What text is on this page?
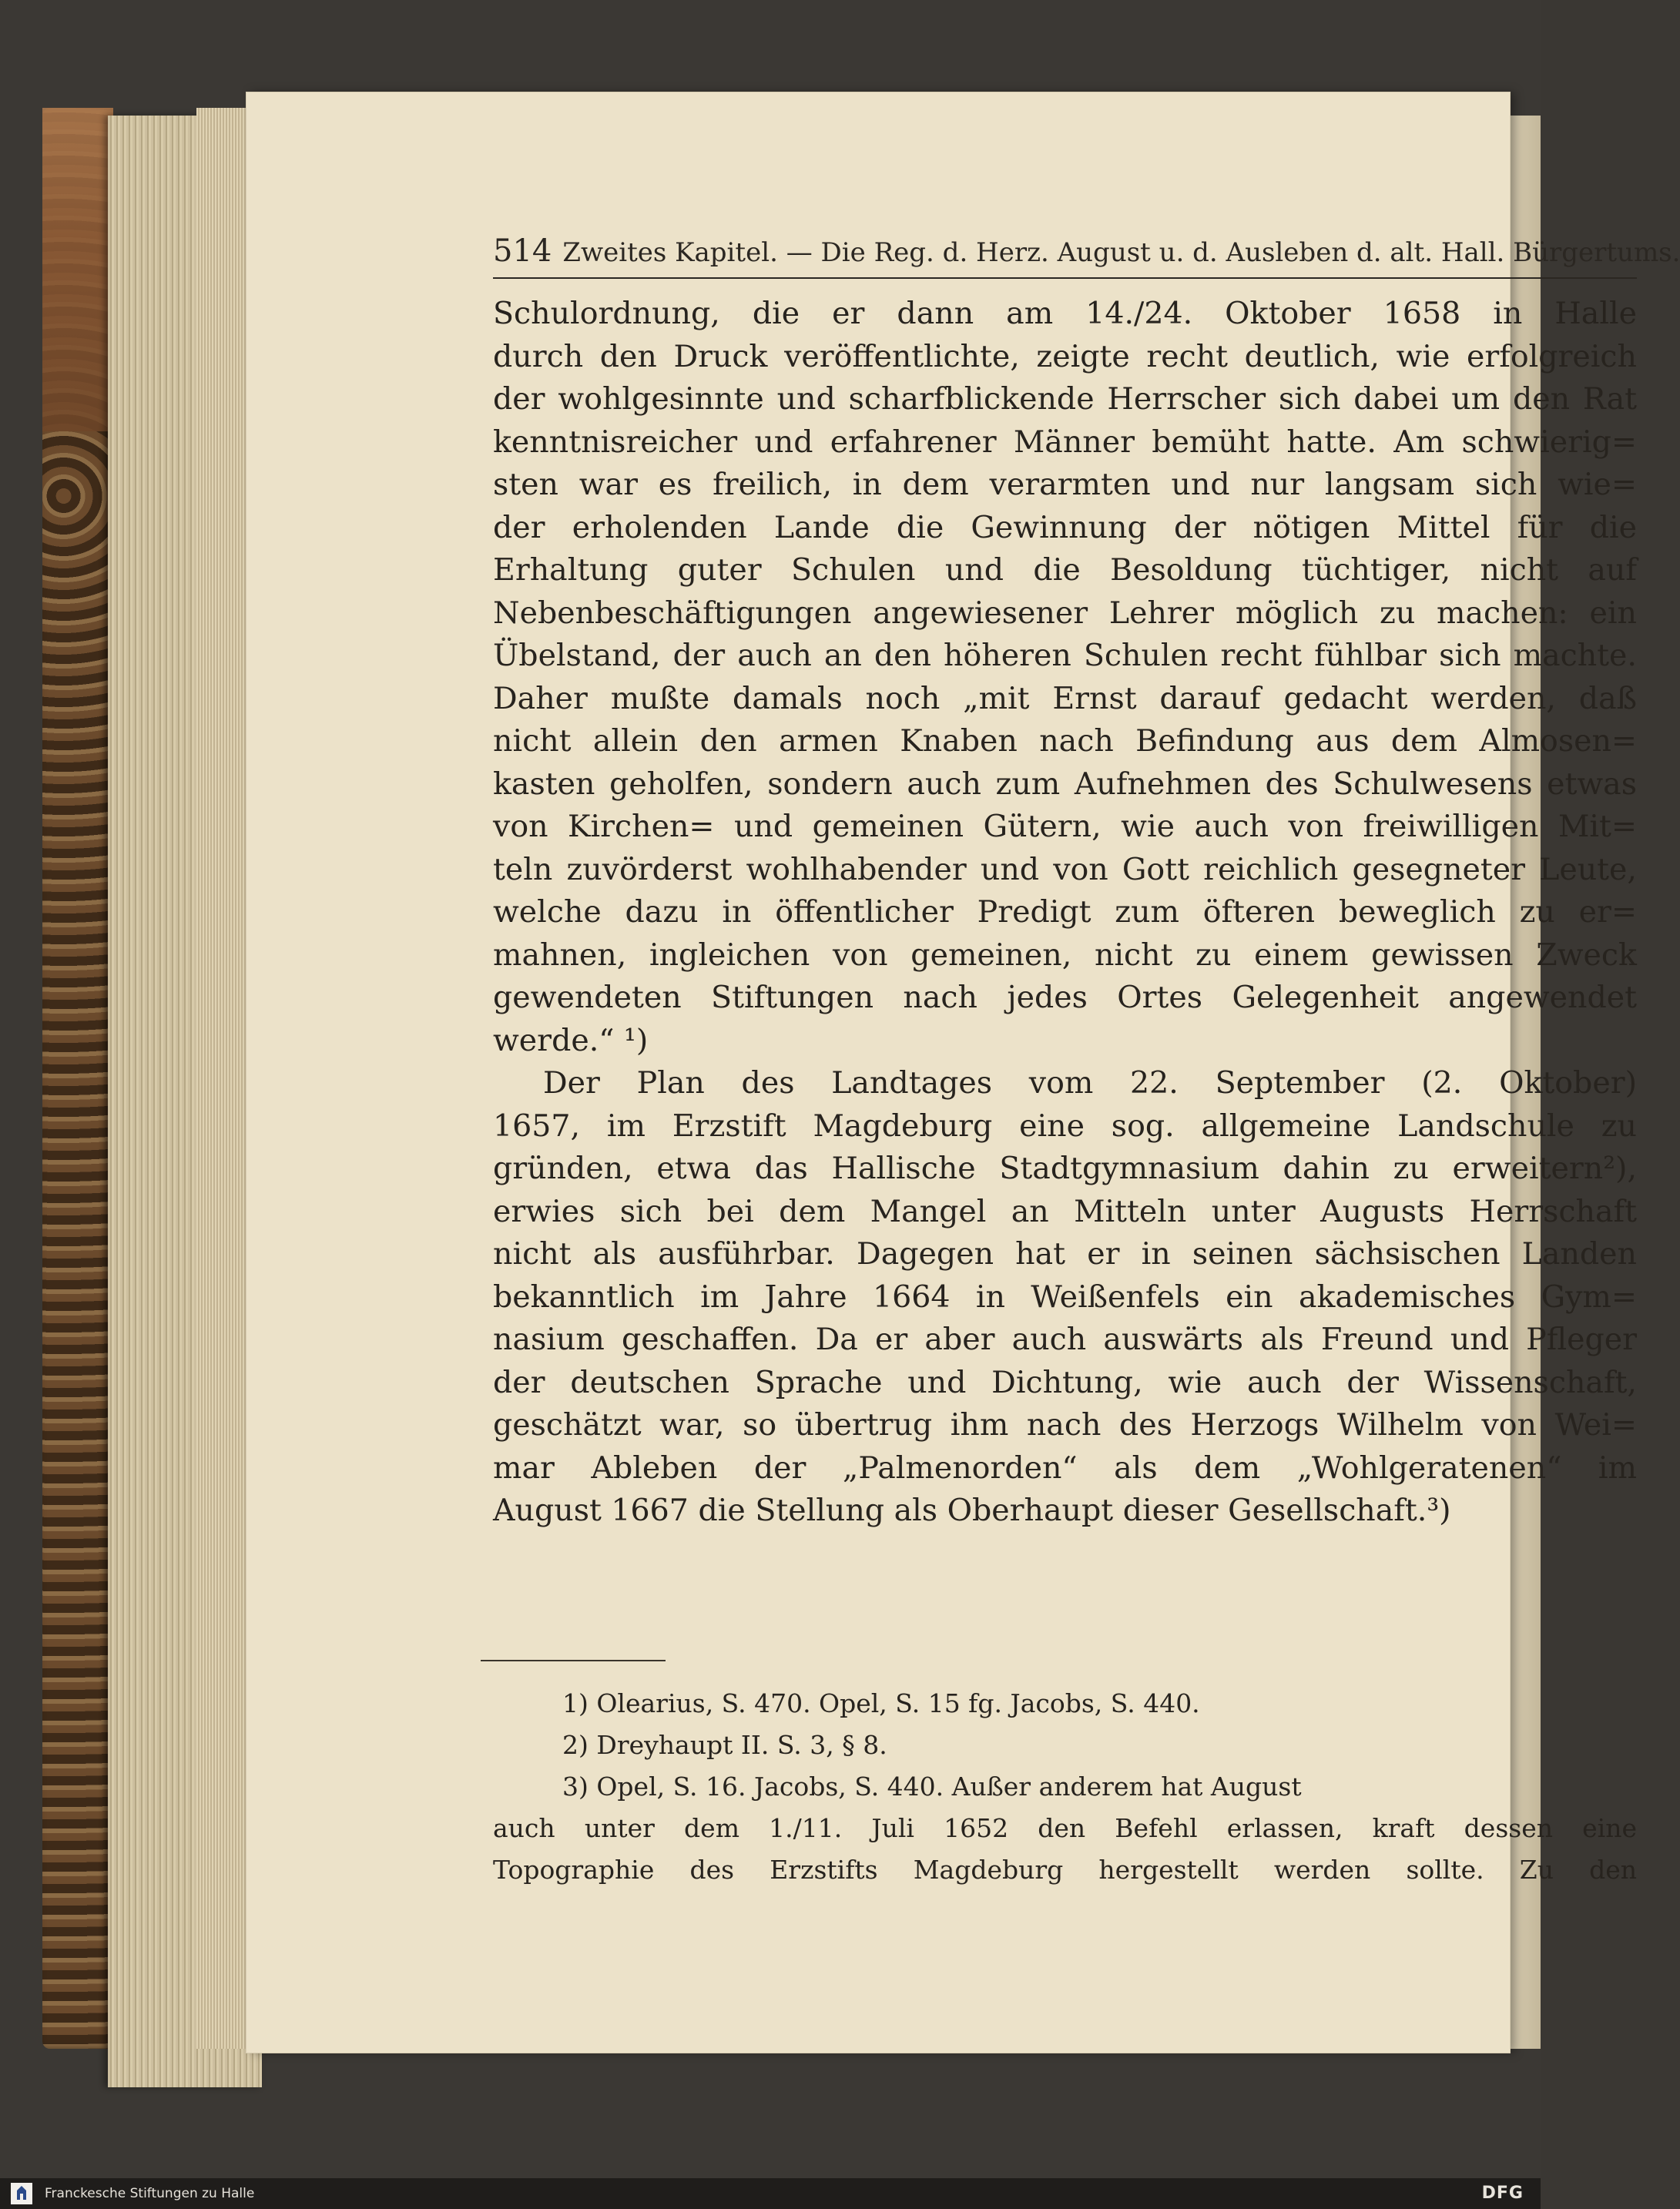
514 Zweites Kapitel. — Die Reg. d. Herz. August u. d. Ausleben d. alt. Hall. Bürgertums.

Schulordnung, die er dann am 14./24. Oktober 1658 in Halle
durch den Druck veröffentlichte, zeigte recht deutlich, wie erfolgreich
der wohlgesinnte und scharfblickende Herrscher sich dabei um den Rat
kenntnisreicher und erfahrener Männer bemüht hatte. Am schwierig=
sten war es freilich, in dem verarmten und nur langsam sich wie=
der erholenden Lande die Gewinnung der nötigen Mittel für die
Erhaltung guter Schulen und die Besoldung tüchtiger, nicht auf
Nebenbeschäftigungen angewiesener Lehrer möglich zu machen: ein
Übelstand, der auch an den höheren Schulen recht fühlbar sich machte.
Daher mußte damals noch „mit Ernst darauf gedacht werden, daß
nicht allein den armen Knaben nach Befindung aus dem Almosen=
kasten geholfen, sondern auch zum Aufnehmen des Schulwesens etwas
von Kirchen= und gemeinen Gütern, wie auch von freiwilligen Mit=
teln zuvörderst wohlhabender und von Gott reichlich gesegneter Leute,
welche dazu in öffentlicher Predigt zum öfteren beweglich zu er=
mahnen, ingleichen von gemeinen, nicht zu einem gewissen Zweck
gewendeten Stiftungen nach jedes Ortes Gelegenheit angewendet
werde.“ ¹)

Der Plan des Landtages vom 22. September (2. Oktober)
1657, im Erzstift Magdeburg eine sog. allgemeine Landschule zu
gründen, etwa das Hallische Stadtgymnasium dahin zu erweitern²),
erwies sich bei dem Mangel an Mitteln unter Augusts Herrschaft
nicht als ausführbar. Dagegen hat er in seinen sächsischen Landen
bekanntlich im Jahre 1664 in Weißenfels ein akademisches Gym=
nasium geschaffen. Da er aber auch auswärts als Freund und Pfleger
der deutschen Sprache und Dichtung, wie auch der Wissenschaft,
geschätzt war, so übertrug ihm nach des Herzogs Wilhelm von Wei=
mar Ableben der „Palmenorden“ als dem „Wohlgeratenen“ im
August 1667 die Stellung als Oberhaupt dieser Gesellschaft.³)

1) Olearius, S. 470. Opel, S. 15 fg. Jacobs, S. 440.
2) Dreyhaupt II. S. 3, § 8.
3) Opel, S. 16. Jacobs, S. 440. Außer anderem hat August
auch unter dem 1./11. Juli 1652 den Befehl erlassen, kraft dessen eine
Topographie des Erzstifts Magdeburg hergestellt werden sollte. Zu den
Franckesche Stiftungen zu Halle	DFG
